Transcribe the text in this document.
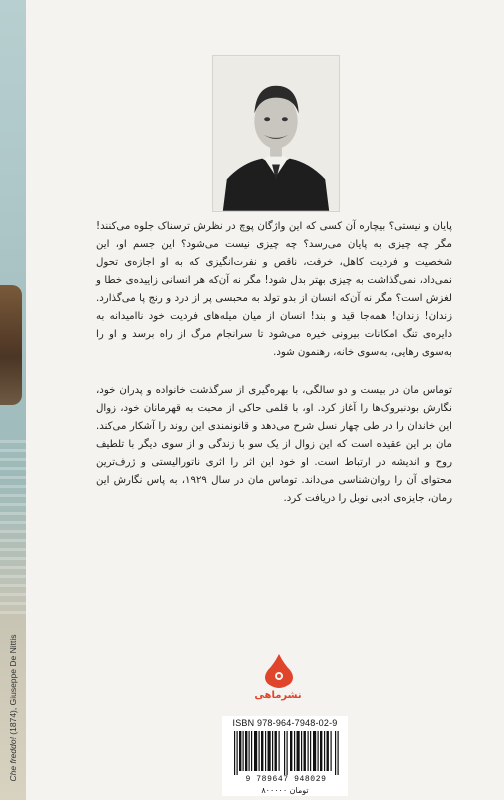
Che freddo! (1874), Giuseppe De Nittis

پایان و نیستی؟ بیچاره آن کسی که این واژگان پوچ در نظرش ترسناک جلوه می‌کنند! مگر چه چیزی به پایان می‌رسد؟ چه چیزی نیست می‌شود؟ این جسم او، این شخصیت و فردیت کاهل، خرفت، ناقص و نفرت‌انگیزی که به او اجازه‌ی تحول نمی‌داد، نمی‌گذاشت به چیزی بهتر بدل شود! مگر نه آن‌که هر انسانی زاییده‌ی خطا و لغزش است؟ مگر نه آن‌که انسان از بدو تولد به محبسی پر از درد و رنج پا می‌گذارد. زندان! زندان! همه‌جا قید و بند! انسان از میان میله‌های فردیت خود ناامیدانه به دایره‌ی تنگ امکانات بیرونی خیره می‌شود تا سرانجام مرگ از راه برسد و او را به‌سوی رهایی، به‌سوی خانه، رهنمون شود.

توماس مان در بیست و دو سالگی، با بهره‌گیری از سرگذشت خانواده و پدران خود، نگارش بودنبروک‌ها را آغاز کرد. او، با قلمی حاکی از محبت به قهرمانان خود، زوال این خاندان را در طی چهار نسل شرح می‌دهد و قانونمندی این روند را آشکار می‌کند. مان بر این عقیده است که این زوال از یک سو با زندگی و از سوی دیگر با تلطیف روح و اندیشه در ارتباط است. او خود این اثر را اثری ناتورالیستی و ژرف‌ترین محتوای آن را روان‌شناسی می‌داند. توماس مان در سال ۱۹۲۹، به پاس نگارش این رمان، جایزه‌ی ادبی نوبل را دریافت کرد.

نشرماهی
ISBN 978-964-7948-02-9
9 789647 948029
۸۰۰۰۰۰ تومان
